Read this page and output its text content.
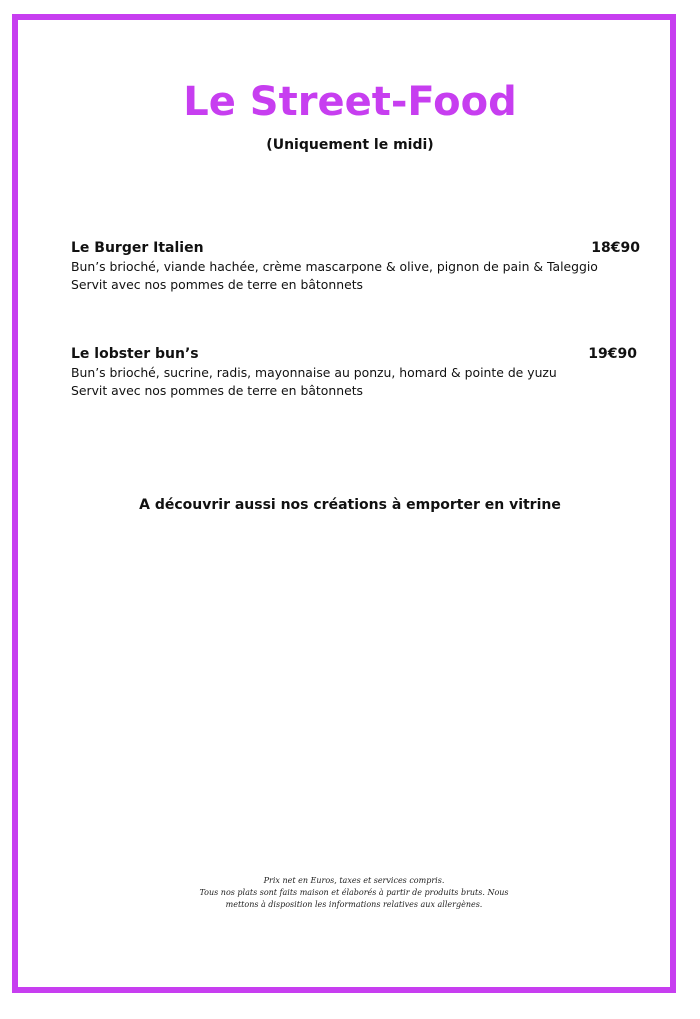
Le Street-Food
(Uniquement le midi)
Le Burger Italien	18€90
Bun’s brioché, viande hachée, crème mascarpone & olive, pignon de pain & Taleggio
Servit avec nos pommes de terre en bâtonnets
Le lobster bun’s	19€90
Bun’s brioché, sucrine, radis, mayonnaise au ponzu, homard & pointe de yuzu
Servit avec nos pommes de terre en bâtonnets
A découvrir aussi nos créations à emporter en vitrine
Prix net en Euros, taxes et services compris.
Tous nos plats sont faits maison et élaborés à partir de produits bruts. Nous
mettons à disposition les informations relatives aux allergènes.
